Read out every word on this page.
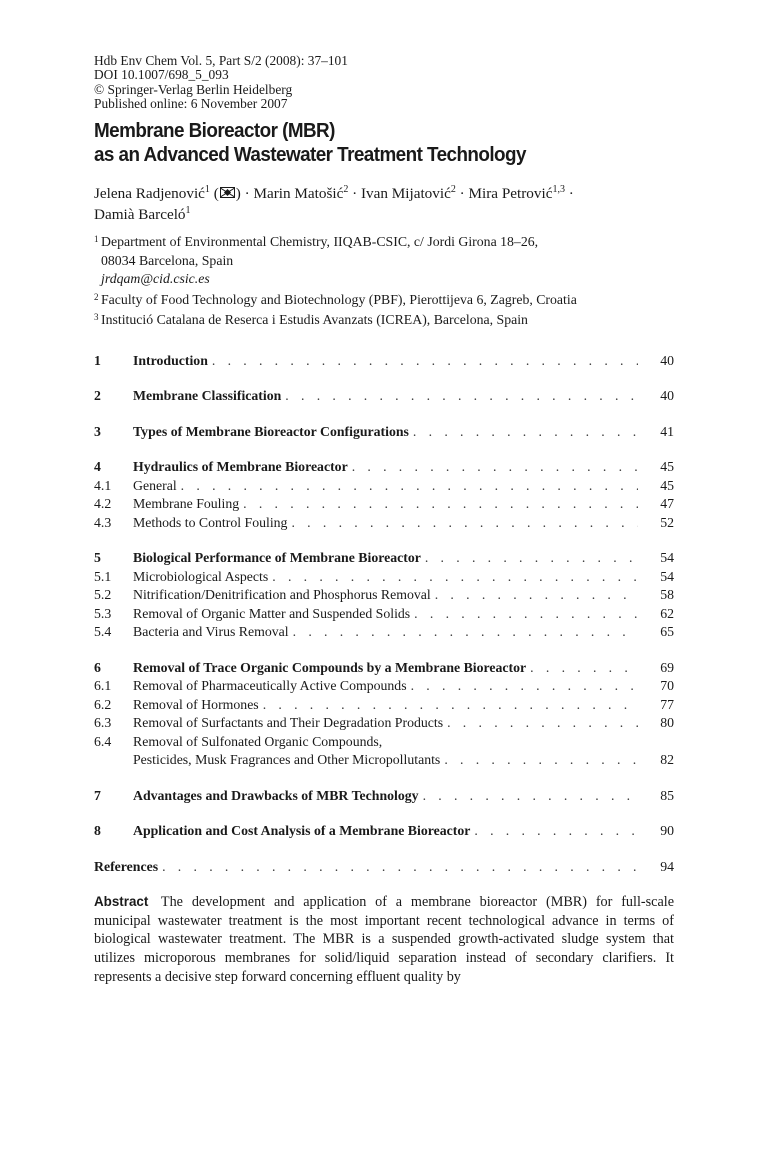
Hdb Env Chem Vol. 5, Part S/2 (2008): 37–101
DOI 10.1007/698_5_093
© Springer-Verlag Berlin Heidelberg
Published online: 6 November 2007
Membrane Bioreactor (MBR)
as an Advanced Wastewater Treatment Technology
Jelena Radjenović$^1$ ( ) · Marin Matošić$^2$ · Ivan Mijatović$^2$ · Mira Petrović$^{1,3}$ ·
Damià Barceló$^1$
1 Department of Environmental Chemistry, IIQAB-CSIC, c/ Jordi Girona 18–26,
08034 Barcelona, Spain
jrdqam@cid.csic.es
2 Faculty of Food Technology and Biotechnology (PBF), Pierottijeva 6, Zagreb, Croatia
3 Institució Catalana de Reserca i Estudis Avanzats (ICREA), Barcelona, Spain
1	Introduction . . .	40
2	Membrane Classification . . .	40
3	Types of Membrane Bioreactor Configurations . . .	41
4	Hydraulics of Membrane Bioreactor . . .	45
4.1	General . . .	45
4.2	Membrane Fouling . . .	47
4.3	Methods to Control Fouling . . .	52
5	Biological Performance of Membrane Bioreactor . . .	54
5.1	Microbiological Aspects . . .	54
5.2	Nitrification/Denitrification and Phosphorus Removal . . .	58
5.3	Removal of Organic Matter and Suspended Solids . . .	62
5.4	Bacteria and Virus Removal . . .	65
6	Removal of Trace Organic Compounds by a Membrane Bioreactor . . .	69
6.1	Removal of Pharmaceutically Active Compounds . . .	70
6.2	Removal of Hormones . . .	77
6.3	Removal of Surfactants and Their Degradation Products . . .	80
6.4	Removal of Sulfonated Organic Compounds,
Pesticides, Musk Fragrances and Other Micropollutants . . .	82
7	Advantages and Drawbacks of MBR Technology . . .	85
8	Application and Cost Analysis of a Membrane Bioreactor . . .	90
References . . .	94
Abstract The development and application of a membrane bioreactor (MBR) for full-scale municipal wastewater treatment is the most important recent technological advance in terms of biological wastewater treatment. The MBR is a suspended growth-activated sludge system that utilizes microporous membranes for solid/liquid separation instead of secondary clarifiers. It represents a decisive step forward concerning effluent quality by
